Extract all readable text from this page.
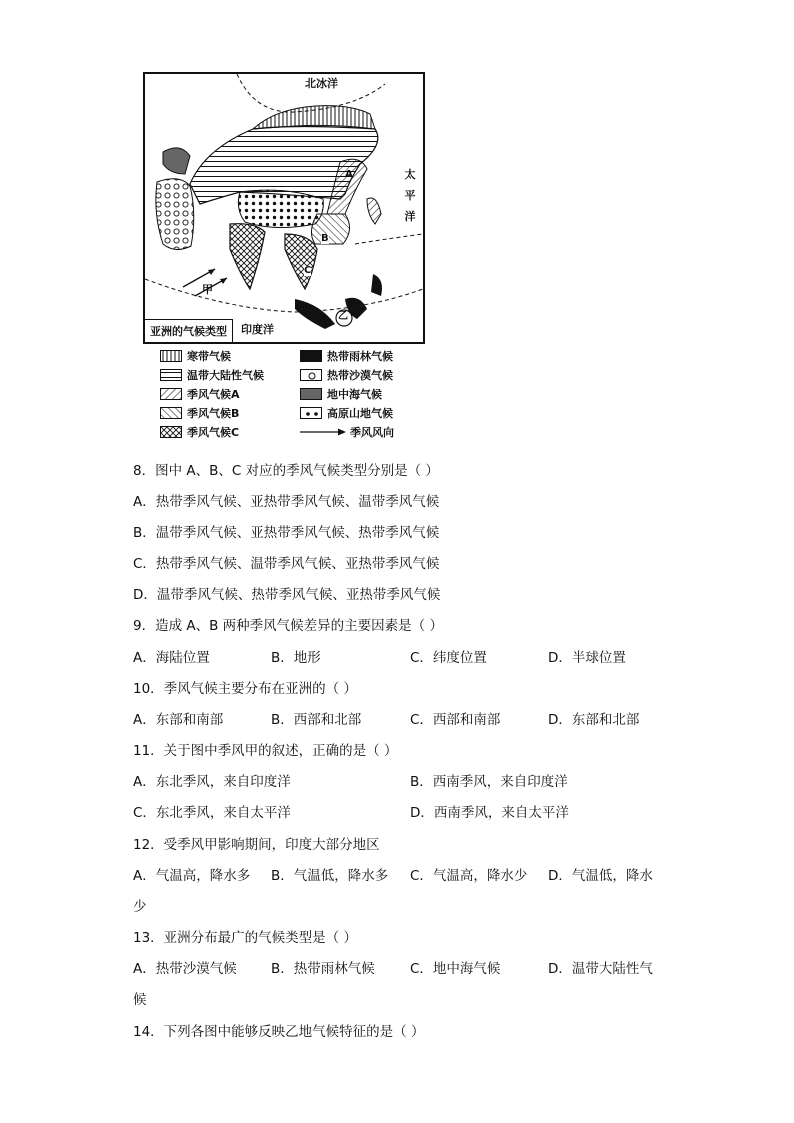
北冰洋
太
平
洋
A
B
C
甲
乙
印度洋
亚洲的气候类型
寒带气候	热带雨林气候
温带大陆性气候	热带沙漠气候
季风气候A	地中海气候
季风气候B	高原山地气候
季风气候C	季风风向
8．图中 A、B、C 对应的季风气候类型分别是（ ）
A．热带季风气候、亚热带季风气候、温带季风气候
B．温带季风气候、亚热带季风气候、热带季风气候
C．热带季风气候、温带季风气候、亚热带季风气候
D．温带季风气候、热带季风气候、亚热带季风气候
9．造成 A、B 两种季风气候差异的主要因素是（ ）
A．海陆位置	B．地形	C．纬度位置	D．半球位置
10．季风气候主要分布在亚洲的（ ）
A．东部和南部	B．西部和北部	C．西部和南部	D．东部和北部
11．关于图中季风甲的叙述，正确的是（ ）
A．东北季风，来自印度洋	B．西南季风，来自印度洋
C．东北季风，来自太平洋	D．西南季风，来自太平洋
12．受季风甲影响期间，印度大部分地区
A．气温高，降水多 B．气温低，降水多 C．气温高，降水少 D．气温低，降水
少
13．亚洲分布最广的气候类型是（ ）
A．热带沙漠气候	B．热带雨林气候	C．地中海气候	D．温带大陆性气
候
14．下列各图中能够反映乙地气候特征的是（ ）
